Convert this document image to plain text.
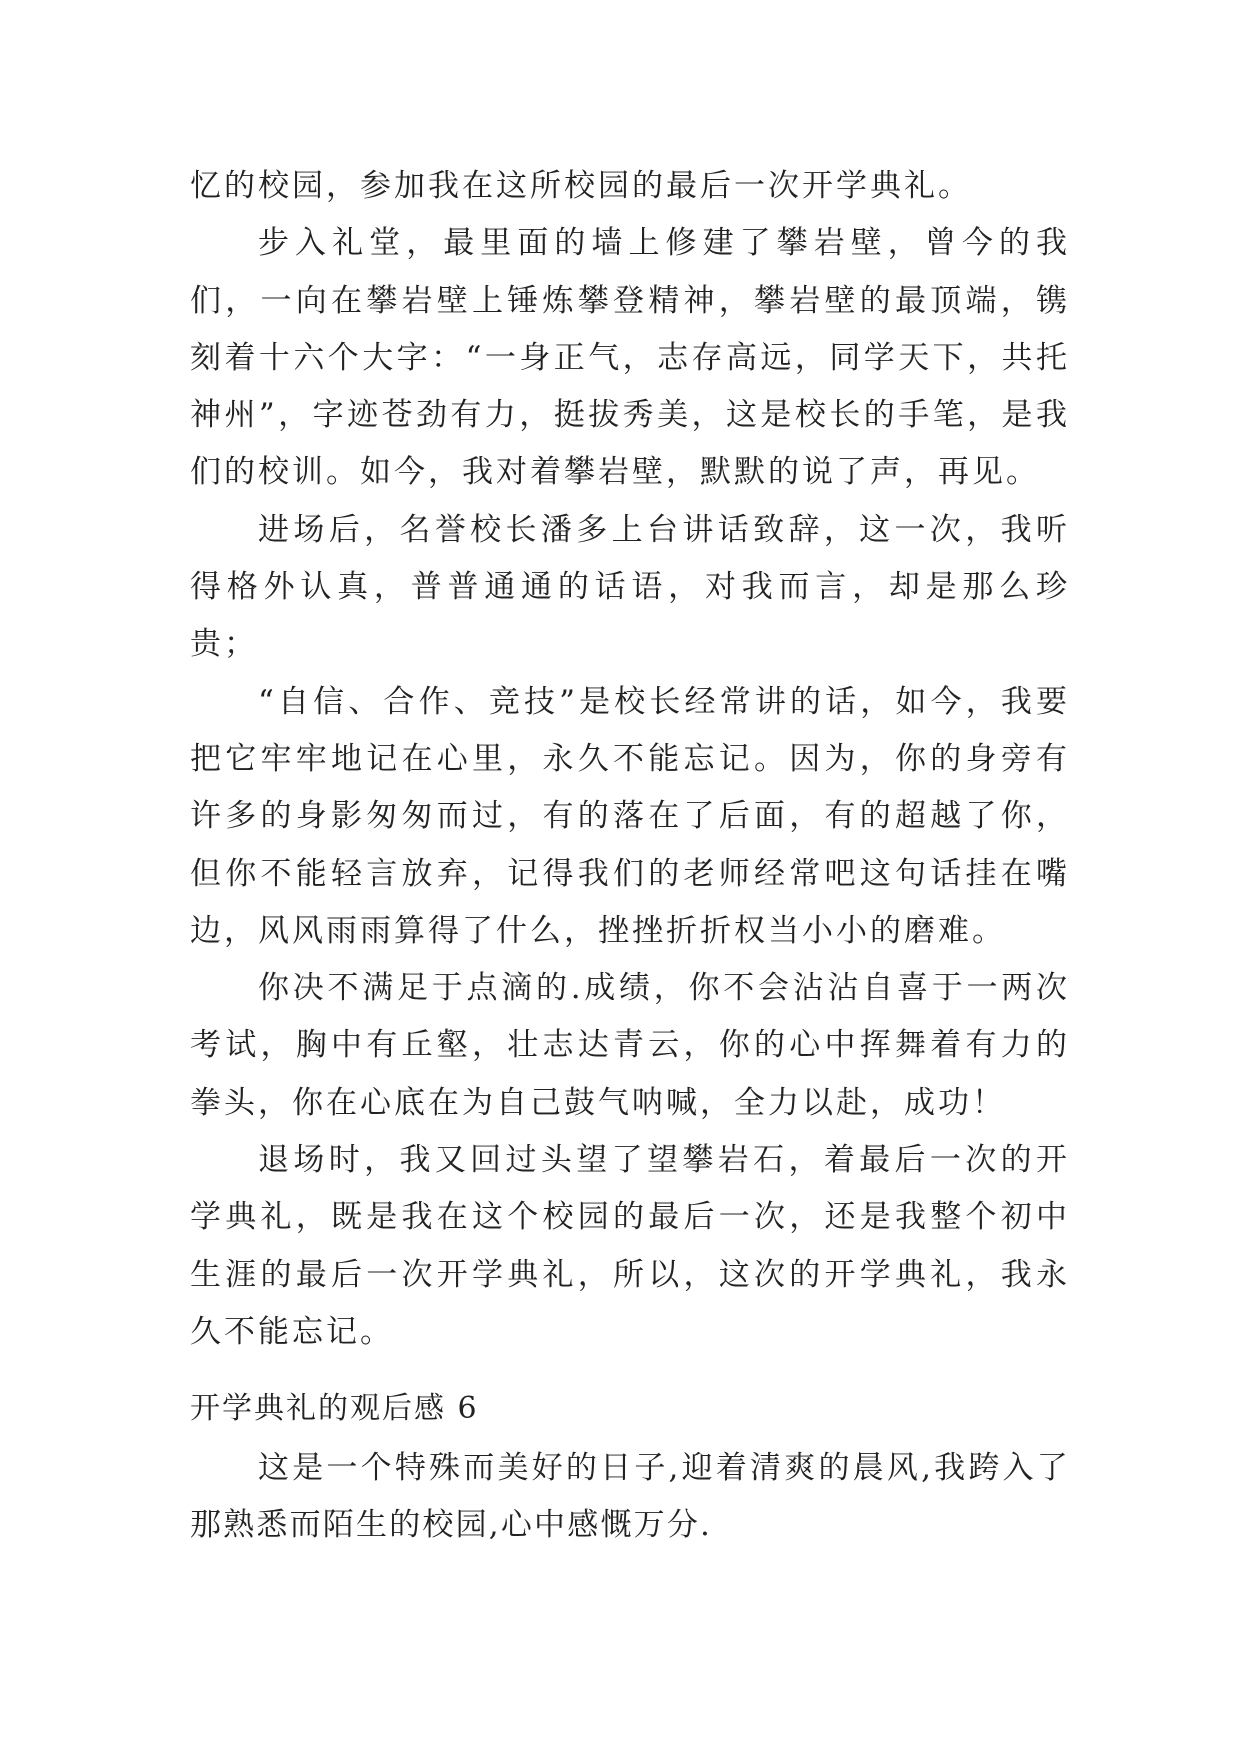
忆的校园，参加我在这所校园的最后一次开学典礼。

步入礼堂，最里面的墙上修建了攀岩壁，曾今的我们，一向在攀岩壁上锤炼攀登精神，攀岩壁的最顶端，镌刻着十六个大字：“一身正气，志存高远，同学天下，共托神州”，字迹苍劲有力，挺拔秀美，这是校长的手笔，是我们的校训。如今，我对着攀岩壁，默默的说了声，再见。

进场后，名誉校长潘多上台讲话致辞，这一次，我听得格外认真，普普通通的话语，对我而言，却是那么珍贵；

“自信、合作、竞技”是校长经常讲的话，如今，我要把它牢牢地记在心里，永久不能忘记。因为，你的身旁有许多的身影匆匆而过，有的落在了后面，有的超越了你，但你不能轻言放弃，记得我们的老师经常吧这句话挂在嘴边，风风雨雨算得了什么，挫挫折折权当小小的磨难。

你决不满足于点滴的.成绩，你不会沾沾自喜于一两次考试，胸中有丘壑，壮志达青云，你的心中挥舞着有力的拳头，你在心底在为自己鼓气呐喊，全力以赴，成功！

退场时，我又回过头望了望攀岩石，着最后一次的开学典礼，既是我在这个校园的最后一次，还是我整个初中生涯的最后一次开学典礼，所以，这次的开学典礼，我永久不能忘记。

开学典礼的观后感 6

这是一个特殊而美好的日子,迎着清爽的晨风,我跨入了那熟悉而陌生的校园,心中感慨万分.
